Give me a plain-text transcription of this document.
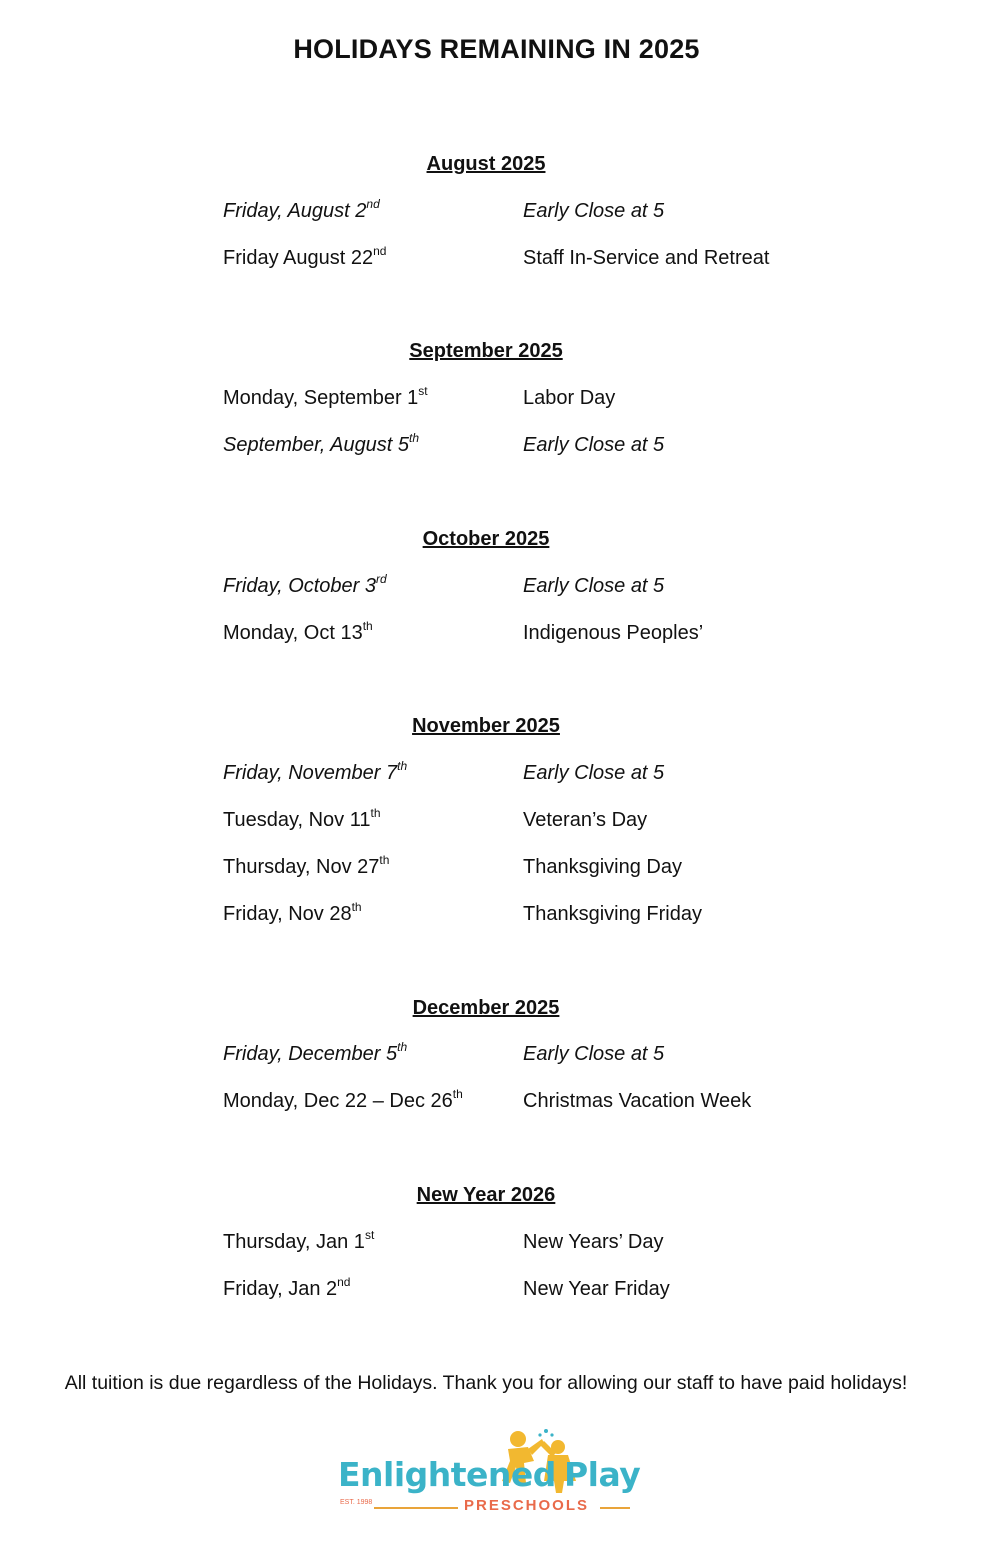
HOLIDAYS REMAINING IN 2025
August 2025
Friday, August 2nd	Early Close at 5
Friday August 22nd	Staff In-Service and Retreat
September 2025
Monday, September 1st	Labor Day
September, August 5th	Early Close at 5
October 2025
Friday, October 3rd	Early Close at 5
Monday, Oct 13th	Indigenous Peoples’
November 2025
Friday, November 7th	Early Close at 5
Tuesday, Nov 11th	Veteran’s Day
Thursday, Nov 27th	Thanksgiving Day
Friday, Nov 28th	Thanksgiving Friday
December 2025
Friday, December 5th	Early Close at 5
Monday, Dec 22 – Dec 26th	Christmas Vacation Week
New Year 2026
Thursday, Jan 1st	New Years’ Day
Friday, Jan 2nd	New Year Friday
All tuition is due regardless of the Holidays. Thank you for allowing our staff to have paid holidays!
Enlightened Play
EST. 1998	PRESCHOOLS
